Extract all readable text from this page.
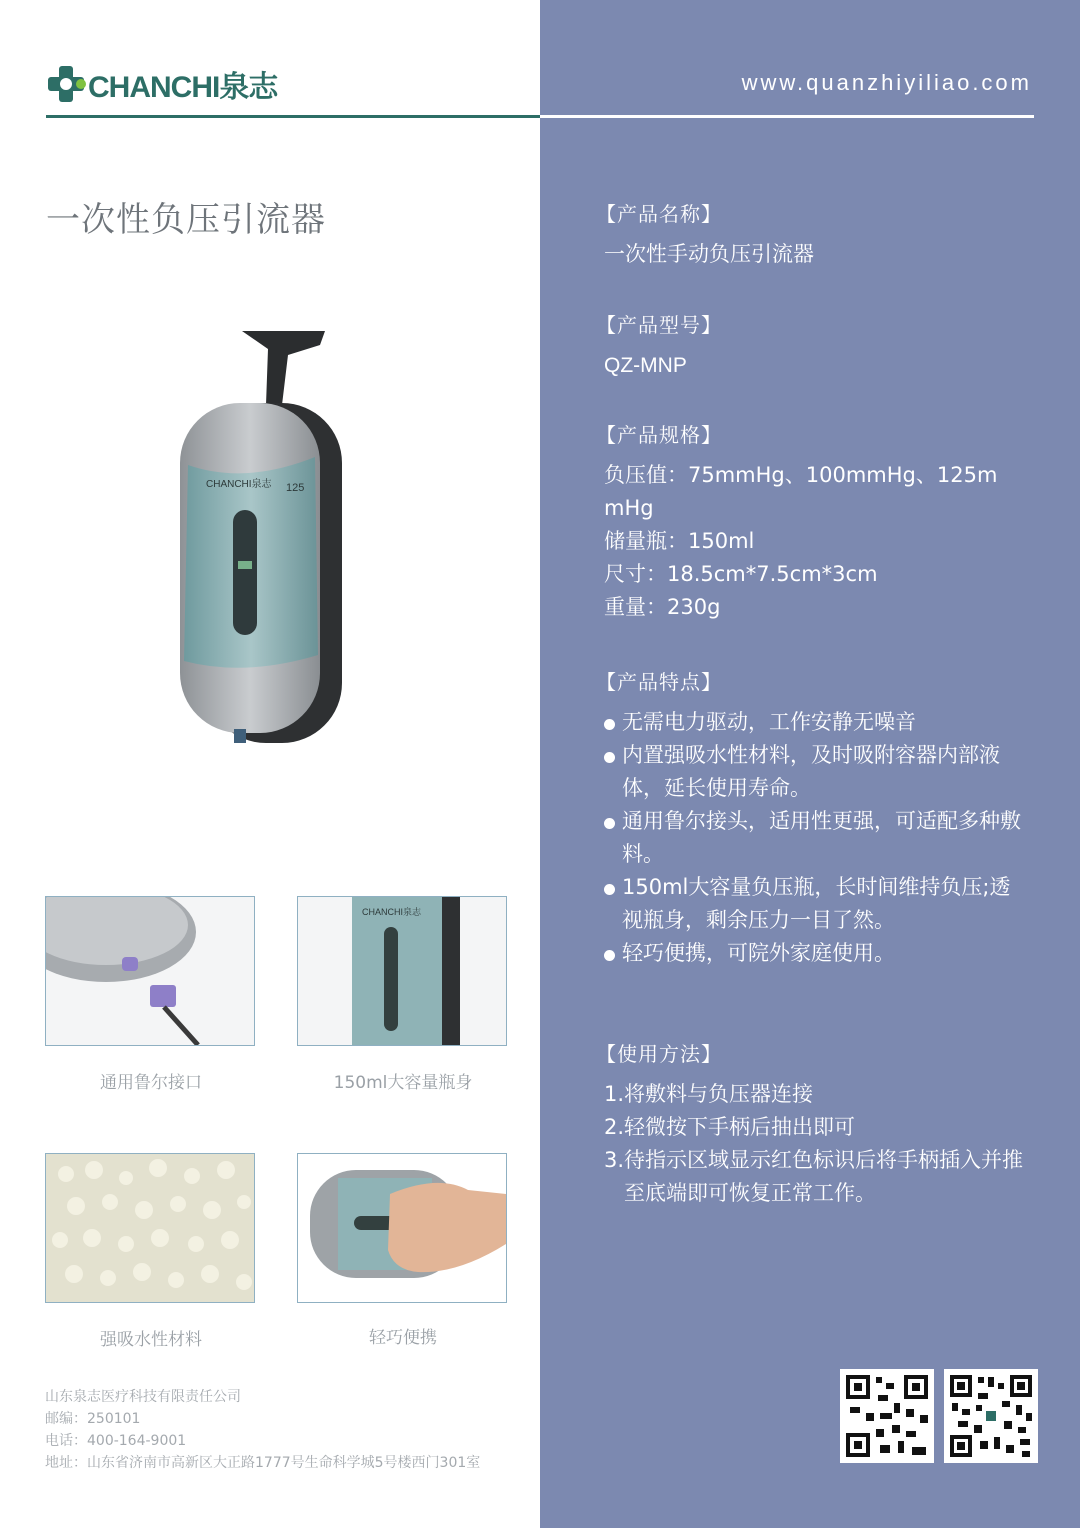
CHANCHI泉志	www.quanzhiyiliao.com
一次性负压引流器
CHANCHI泉志 125
通用鲁尔接口
CHANCHI泉志
150ml大容量瓶身
强吸水性材料	轻巧便携
山东泉志医疗科技有限责任公司
邮编：250101
电话：400-164-9001
地址：山东省济南市高新区大正路1777号生命科学城5号楼西门301室
【产品名称】
一次性手动负压引流器
【产品型号】
QZ-MNP
【产品规格】
负压值：75mmHg、100mmHg、125m
mHg
储量瓶：150ml
尺寸：18.5cm*7.5cm*3cm
重量：230g
【产品特点】
无需电力驱动，工作安静无噪音
内置强吸水性材料，及时吸附容器内部液体，延长使用寿命。
通用鲁尔接头，适用性更强，可适配多种敷料。
150ml大容量负压瓶，长时间维持负压;透视瓶身，剩余压力一目了然。
轻巧便携，可院外家庭使用。
【使用方法】
1.将敷料与负压器连接
2.轻微按下手柄后抽出即可
3.待指示区域显示红色标识后将手柄插入并推至底端即可恢复正常工作。
